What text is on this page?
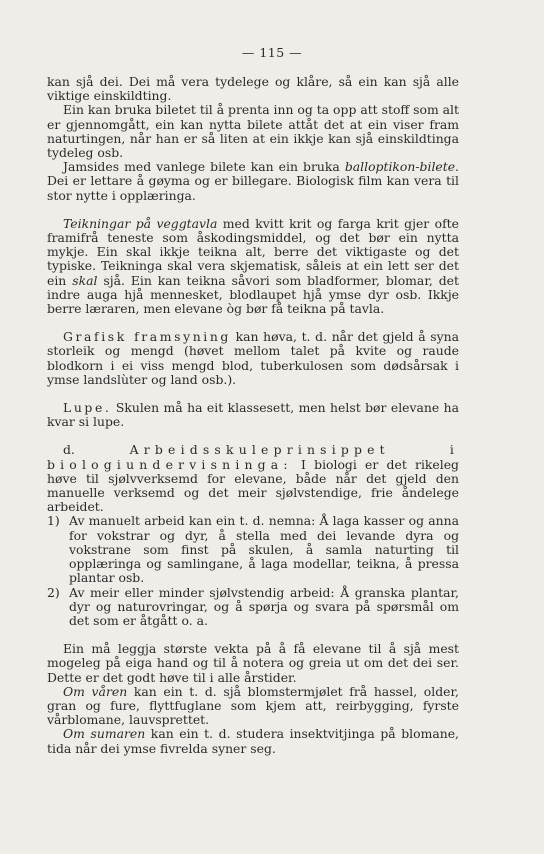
— 115 —

kan sjå dei. Dei må vera tydelege og klåre, så ein kan sjå alle viktige einskildting.

Ein kan bruka biletet til å prenta inn og ta opp att stoff som alt er gjennomgått, ein kan nytta bilete attåt det at ein viser fram naturtingen, når han er så liten at ein ikkje kan sjå einskildtinga tydeleg osb.

Jamsides med vanlege bilete kan ein bruka balloptikon-bilete. Dei er lettare å gøyma og er billegare. Biologisk film kan vera til stor nytte i opplæringa.

Teikningar på veggtavla med kvitt krit og farga krit gjer ofte framifrå teneste som åskodingsmiddel, og det bør ein nytta mykje. Ein skal ikkje teikna alt, berre det viktigaste og det typiske. Teikninga skal vera skjematisk, såleis at ein lett ser det ein skal sjå. Ein kan teikna såvori som bladformer, blomar, det indre auga hjå mennesket, blodlaupet hjå ymse dyr osb. Ikkje berre læraren, men elevane òg bør få teikna på tavla.

Grafisk framsyning kan høva, t. d. når det gjeld å syna storleik og mengd (høvet mellom talet på kvite og raude blodkorn i ei viss mengd blod, tuberkulosen som dødsårsak i ymse landslùter og land osb.).

Lupe. Skulen må ha eit klassesett, men helst bør elevane ha kvar si lupe.

d.	Arbeidsskuleprinsippet i biologiundervisninga: I biologi er det rikeleg høve til sjølvverksemd for elevane, både når det gjeld den manuelle verksemd og det meir sjølvstendige, frie åndelege arbeidet.

1) Av manuelt arbeid kan ein t. d. nemna: Å laga kasser og anna for vokstrar og dyr, å stella med dei levande dyra og vokstrane som finst på skulen, å samla naturting til opplæringa og samlingane, å laga modellar, teikna, å pressa plantar osb.
2) Av meir eller minder sjølvstendig arbeid: Å granska plantar, dyr og naturovringar, og å spørja og svara på spørsmål om det som er åtgått o. a.

Ein må leggja største vekta på å få elevane til å sjå mest mogeleg på eiga hand og til å notera og greia ut om det dei ser. Dette er det godt høve til i alle årstider.

Om våren kan ein t. d. sjå blomstermjølet frå hassel, older, gran og fure, flyttfuglane som kjem att, reirbygging, fyrste vårblomane, lauvsprettet.

Om sumaren kan ein t. d. studera insektvitjinga på blomane, tida når dei ymse fivrelda syner seg.
